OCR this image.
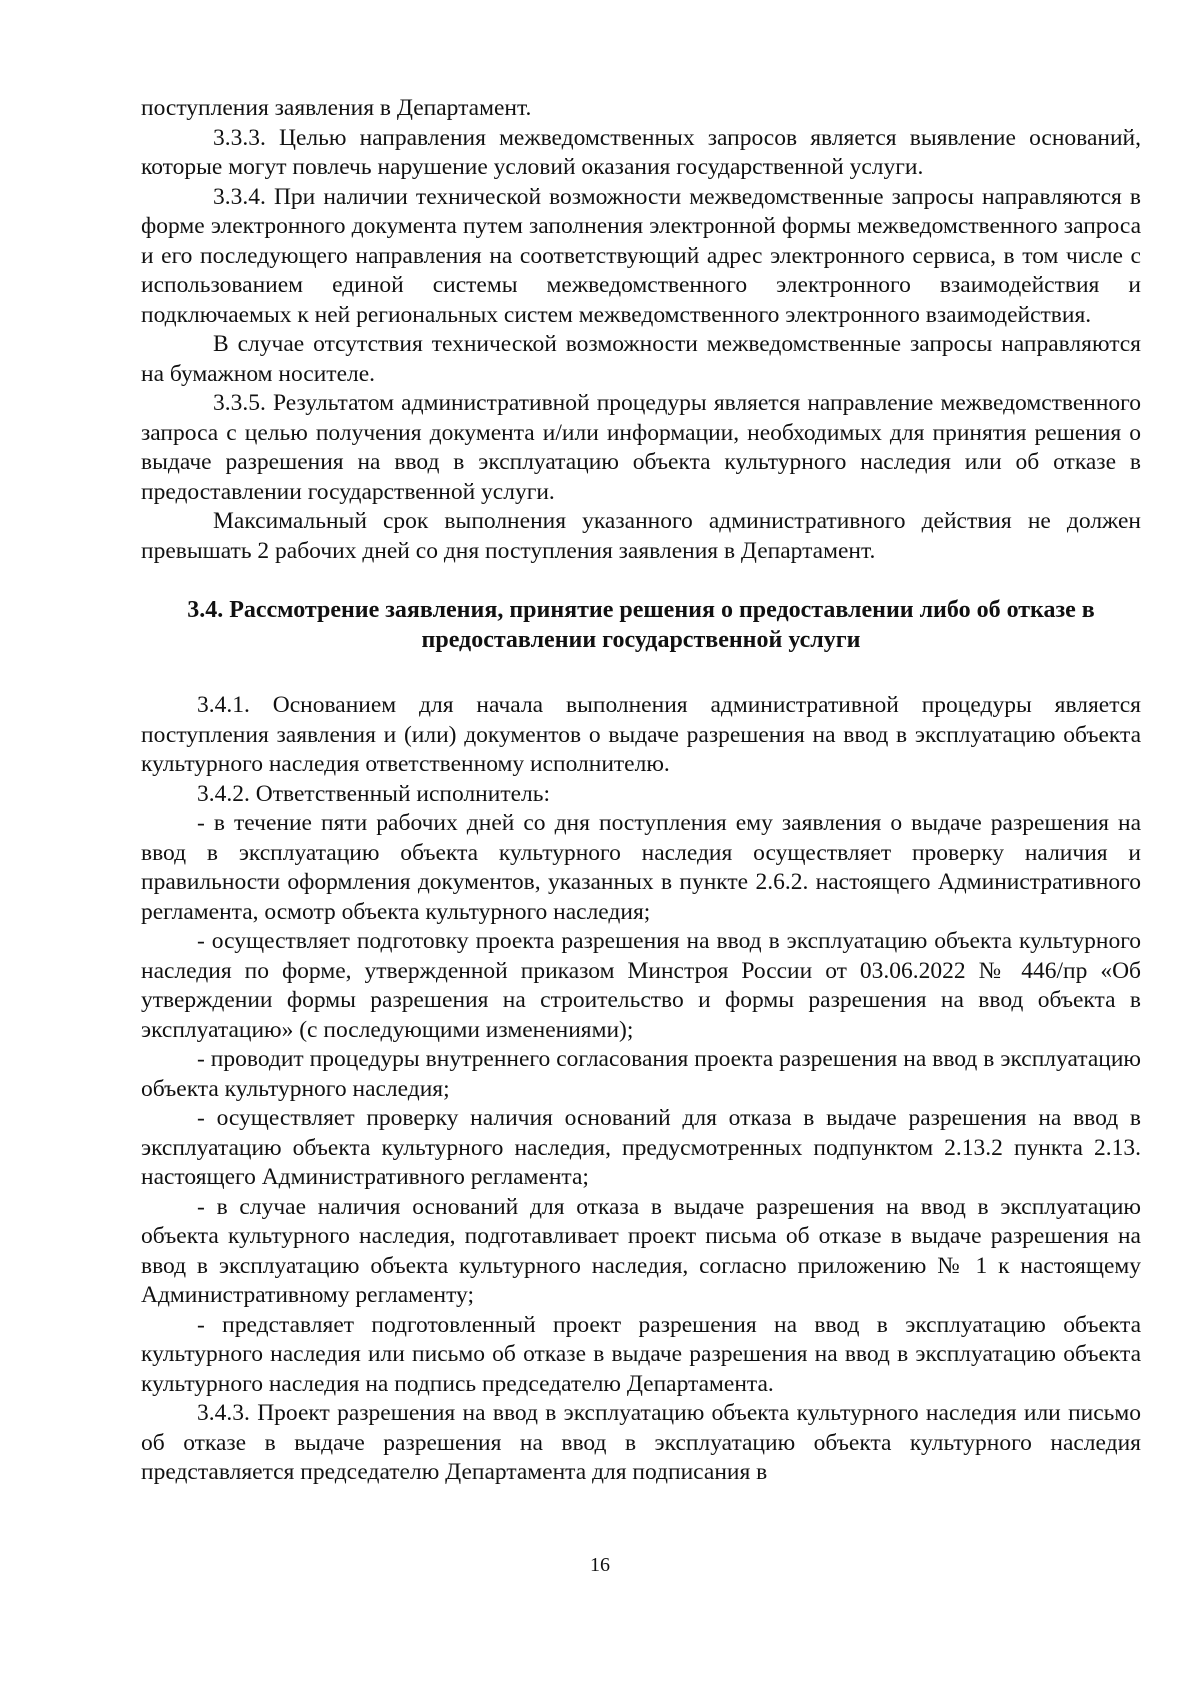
поступления заявления в Департамент.

3.3.3. Целью направления межведомственных запросов является выявление оснований, которые могут повлечь нарушение условий оказания государственной услуги.

3.3.4. При наличии технической возможности межведомственные запросы направляются в форме электронного документа путем заполнения электронной формы межведомственного запроса и его последующего направления на соответствующий адрес электронного сервиса, в том числе с использованием единой системы межведомственного электронного взаимодействия и подключаемых к ней региональных систем межведомственного электронного взаимодействия.

В случае отсутствия технической возможности межведомственные запросы направляются на бумажном носителе.

3.3.5. Результатом административной процедуры является направление межведомственного запроса с целью получения документа и/или информации, необходимых для принятия решения о выдаче разрешения на ввод в эксплуатацию объекта культурного наследия или об отказе в предоставлении государственной услуги.

Максимальный срок выполнения указанного административного действия не должен превышать 2 рабочих дней со дня поступления заявления в Департамент.

3.4. Рассмотрение заявления, принятие решения о предоставлении либо об отказе в предоставлении государственной услуги

3.4.1. Основанием для начала выполнения административной процедуры является поступления заявления и (или) документов о выдаче разрешения на ввод в эксплуатацию объекта культурного наследия ответственному исполнителю.

3.4.2. Ответственный исполнитель:

- в течение пяти рабочих дней со дня поступления ему заявления о выдаче разрешения на ввод в эксплуатацию объекта культурного наследия осуществляет проверку наличия и правильности оформления документов, указанных в пункте 2.6.2. настоящего Административного регламента, осмотр объекта культурного наследия;

- осуществляет подготовку проекта разрешения на ввод в эксплуатацию объекта культурного наследия по форме, утвержденной приказом Минстроя России от 03.06.2022 № 446/пр «Об утверждении формы разрешения на строительство и формы разрешения на ввод объекта в эксплуатацию» (с последующими изменениями);

- проводит процедуры внутреннего согласования проекта разрешения на ввод в эксплуатацию объекта культурного наследия;

- осуществляет проверку наличия оснований для отказа в выдаче разрешения на ввод в эксплуатацию объекта культурного наследия, предусмотренных подпунктом 2.13.2 пункта 2.13. настоящего Административного регламента;

- в случае наличия оснований для отказа в выдаче разрешения на ввод в эксплуатацию объекта культурного наследия, подготавливает проект письма об отказе в выдаче разрешения на ввод в эксплуатацию объекта культурного наследия, согласно приложению № 1 к настоящему Административному регламенту;

- представляет подготовленный проект разрешения на ввод в эксплуатацию объекта культурного наследия или письмо об отказе в выдаче разрешения на ввод в эксплуатацию объекта культурного наследия на подпись председателю Департамента.

3.4.3. Проект разрешения на ввод в эксплуатацию объекта культурного наследия или письмо об отказе в выдаче разрешения на ввод в эксплуатацию объекта культурного наследия представляется председателю Департамента для подписания в

16
